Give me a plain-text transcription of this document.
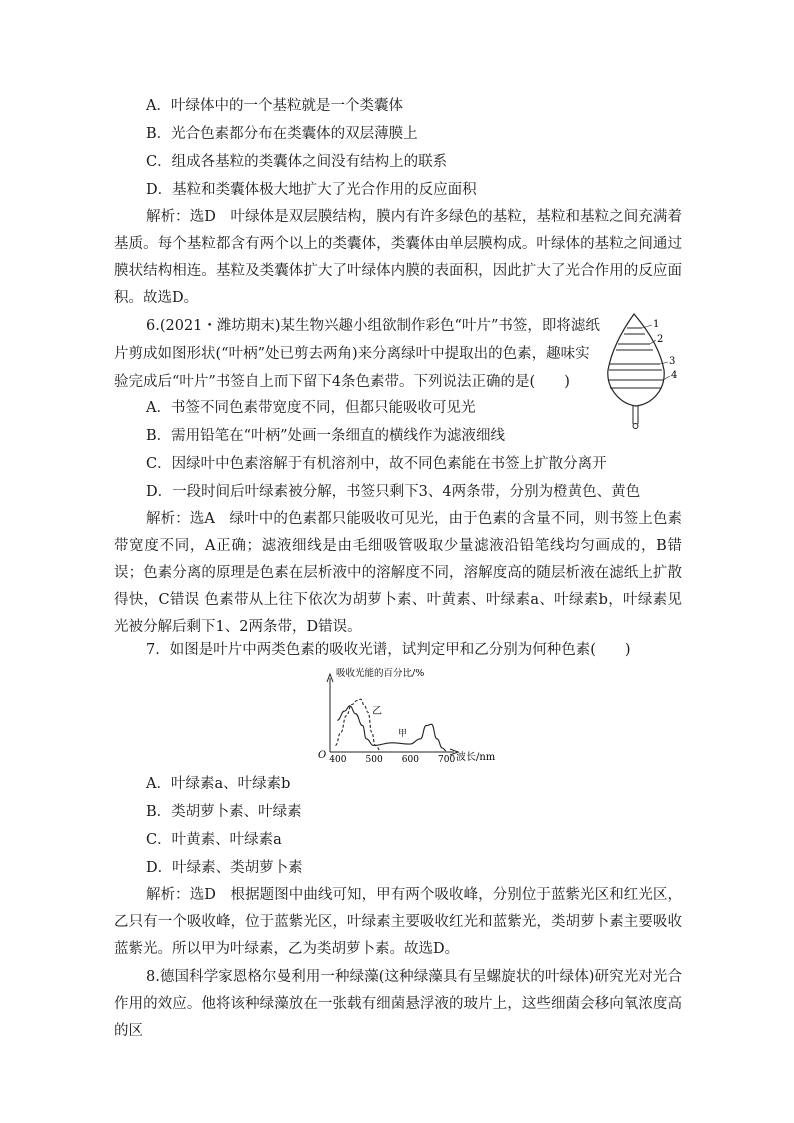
A．叶绿体中的一个基粒就是一个类囊体
B．光合色素都分布在类囊体的双层薄膜上
C．组成各基粒的类囊体之间没有结构上的联系
D．基粒和类囊体极大地扩大了光合作用的反应面积
解析：选D　叶绿体是双层膜结构，膜内有许多绿色的基粒，基粒和基粒之间充满着基质。每个基粒都含有两个以上的类囊体，类囊体由单层膜构成。叶绿体的基粒之间通过膜状结构相连。基粒及类囊体扩大了叶绿体内膜的表面积，因此扩大了光合作用的反应面积。故选D。
6.(2021・潍坊期末)某生物兴趣小组欲制作彩色“叶片”书签，即将滤纸
片剪成如图形状(“叶柄”处已剪去两角)来分离绿叶中提取出的色素，趣味实
验完成后“叶片”书签自上而下留下4条色素带。下列说法正确的是(　　)
1
2
3
4
A．书签不同色素带宽度不同，但都只能吸收可见光
B．需用铅笔在“叶柄”处画一条细直的横线作为滤液细线
C．因绿叶中色素溶解于有机溶剂中，故不同色素能在书签上扩散分离开
D．一段时间后叶绿素被分解，书签只剩下3、4两条带，分别为橙黄色、黄色
解析：选A　绿叶中的色素都只能吸收可见光，由于色素的含量不同，则书签上色素带宽度不同，A正确；滤液细线是由毛细吸管吸取少量滤液沿铅笔线均匀画成的，B错误；色素分离的原理是色素在层析液中的溶解度不同，溶解度高的随层析液在滤纸上扩散得快，C错误 色素带从上往下依次为胡萝卜素、叶黄素、叶绿素a、叶绿素b，叶绿素见光被分解后剩下1、2两条带，D错误。
7．如图是叶片中两类色素的吸收光谱，试判定甲和乙分别为何种色素(　　)
吸收光能的百分比/%
波长/nm
O 400 500 600 700
乙
甲
A．叶绿素a、叶绿素b
B．类胡萝卜素、叶绿素
C．叶黄素、叶绿素a
D．叶绿素、类胡萝卜素
解析：选D　根据题图中曲线可知，甲有两个吸收峰，分别位于蓝紫光区和红光区，乙只有一个吸收峰，位于蓝紫光区，叶绿素主要吸收红光和蓝紫光，类胡萝卜素主要吸收蓝紫光。所以甲为叶绿素，乙为类胡萝卜素。故选D。
8.德国科学家恩格尔曼利用一种绿藻(这种绿藻具有呈螺旋状的叶绿体)研究光对光合作用的效应。他将该种绿藻放在一张载有细菌悬浮液的玻片上，这些细菌会移向氧浓度高的区
